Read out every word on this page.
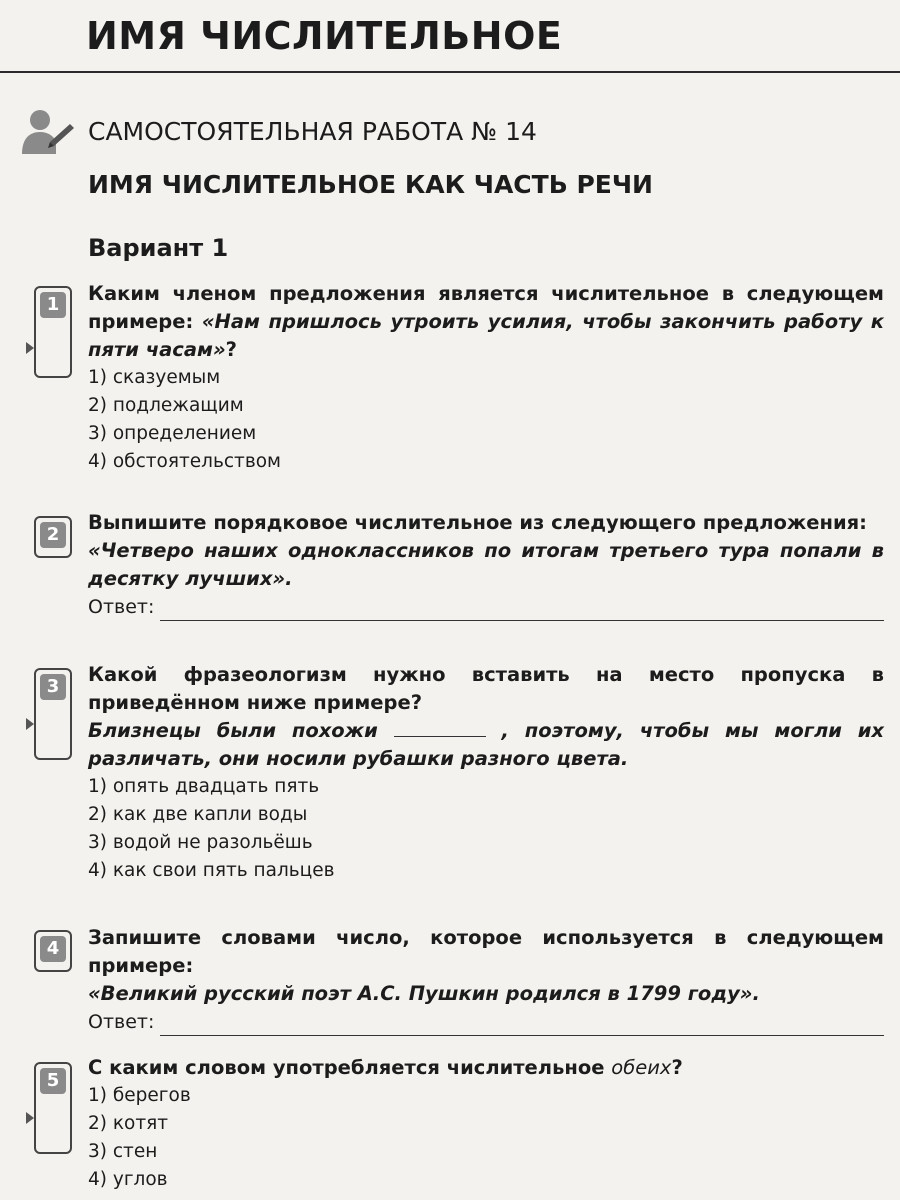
ИМЯ ЧИСЛИТЕЛЬНОЕ
САМОСТОЯТЕЛЬНАЯ РАБОТА № 14
ИМЯ ЧИСЛИТЕЛЬНОЕ КАК ЧАСТЬ РЕЧИ
Вариант 1
1	Каким членом предложения является числительное в следующем примере: «Нам пришлось утроить усилия, чтобы закончить работу к пяти часам»?
1) сказуемым
2) подлежащим
3) определением
4) обстоятельством
2

Выпишите порядковое числительное из следующего предложения:

«Четверо наших одноклассников по итогам третьего тура попали в десятку лучших».

Ответ:
3

Какой фразеологизм нужно вставить на место пропуска в приведённом ниже примере?

Близнецы были похожи	, поэтому, чтобы мы могли их различать, они носили рубашки разного цвета.

1) опять двадцать пять
2) как две капли воды
3) водой не разольёшь
4) как свои пять пальцев
4	Запишите словами число, которое используется в следующем примере:

«Великий русский поэт А.С. Пушкин родился в 1799 году».

Ответ:
5
С каким словом употребляется числительное обеих?
1) берегов
2) котят
3) стен
4) углов
